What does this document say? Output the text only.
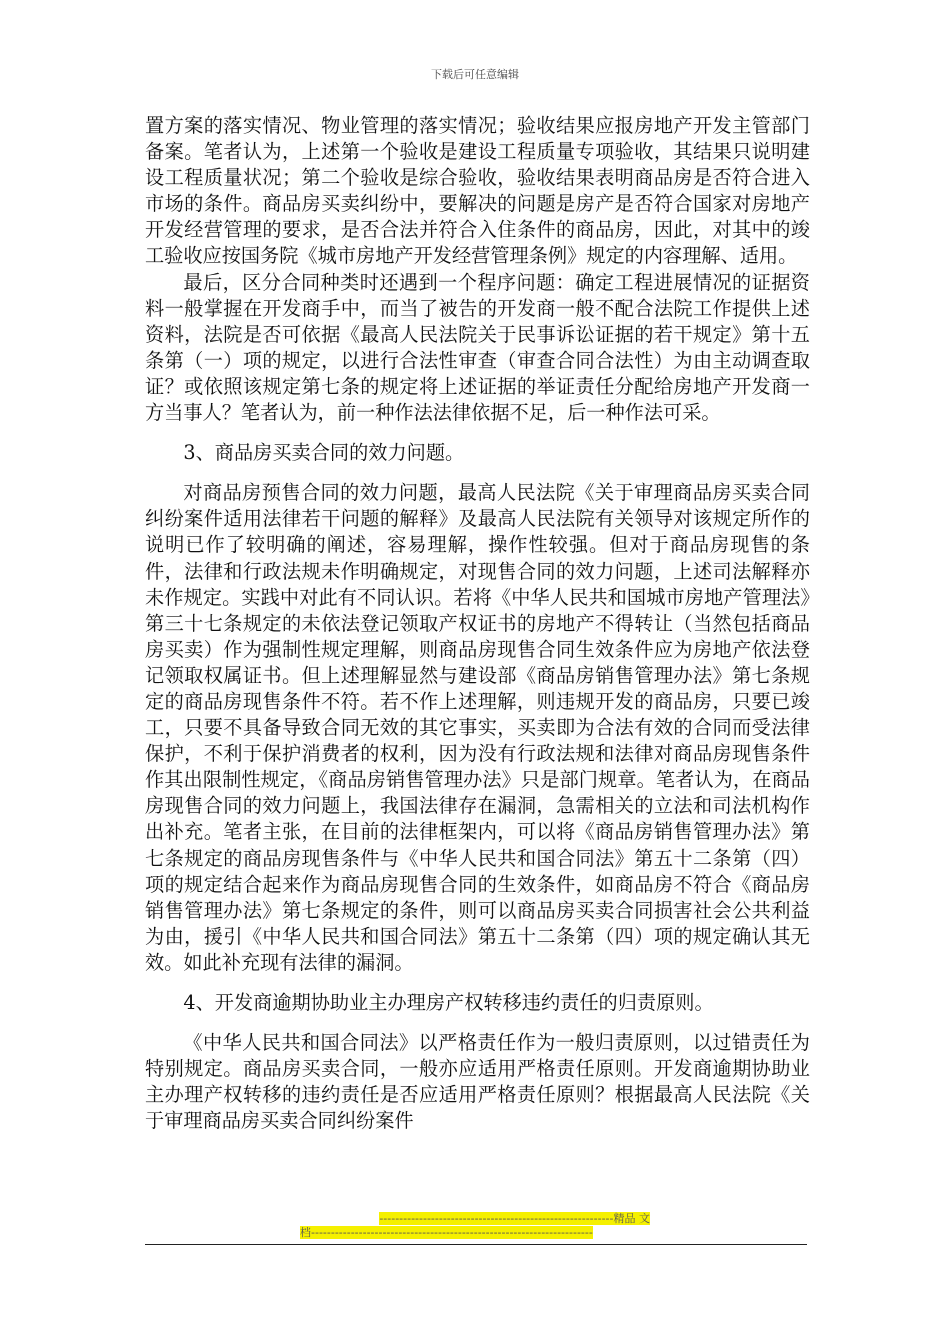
下载后可任意编辑

置方案的落实情况、物业管理的落实情况；验收结果应报房地产开发主管部门备案。笔者认为，上述第一个验收是建设工程质量专项验收，其结果只说明建设工程质量状况；第二个验收是综合验收，验收结果表明商品房是否符合进入市场的条件。商品房买卖纠纷中，要解决的问题是房产是否符合国家对房地产开发经营管理的要求，是否合法并符合入住条件的商品房，因此，对其中的竣工验收应按国务院《城市房地产开发经营管理条例》规定的内容理解、适用。

最后，区分合同种类时还遇到一个程序问题：确定工程进展情况的证据资料一般掌握在开发商手中，而当了被告的开发商一般不配合法院工作提供上述资料，法院是否可依据《最高人民法院关于民事诉讼证据的若干规定》第十五条第（一）项的规定，以进行合法性审查（审查合同合法性）为由主动调查取证？或依照该规定第七条的规定将上述证据的举证责任分配给房地产开发商一方当事人？笔者认为，前一种作法法律依据不足，后一种作法可采。

3、商品房买卖合同的效力问题。

对商品房预售合同的效力问题，最高人民法院《关于审理商品房买卖合同纠纷案件适用法律若干问题的解释》及最高人民法院有关领导对该规定所作的说明已作了较明确的阐述，容易理解，操作性较强。但对于商品房现售的条件，法律和行政法规未作明确规定，对现售合同的效力问题，上述司法解释亦未作规定。实践中对此有不同认识。若将《中华人民共和国城市房地产管理法》第三十七条规定的未依法登记领取产权证书的房地产不得转让（当然包括商品房买卖）作为强制性规定理解，则商品房现售合同生效条件应为房地产依法登记领取权属证书。但上述理解显然与建设部《商品房销售管理办法》第七条规定的商品房现售条件不符。若不作上述理解，则违规开发的商品房，只要已竣工，只要不具备导致合同无效的其它事实，买卖即为合法有效的合同而受法律保护，不利于保护消费者的权利，因为没有行政法规和法律对商品房现售条件作其出限制性规定，《商品房销售管理办法》只是部门规章。笔者认为，在商品房现售合同的效力问题上，我国法律存在漏洞，急需相关的立法和司法机构作出补充。笔者主张，在目前的法律框架内，可以将《商品房销售管理办法》第七条规定的商品房现售条件与《中华人民共和国合同法》第五十二条第（四）项的规定结合起来作为商品房现售合同的生效条件，如商品房不符合《商品房销售管理办法》第七条规定的条件，则可以商品房买卖合同损害社会公共利益为由，援引《中华人民共和国合同法》第五十二条第（四）项的规定确认其无效。如此补充现有法律的漏洞。

4、开发商逾期协助业主办理房产权转移违约责任的归责原则。

《中华人民共和国合同法》以严格责任作为一般归责原则，以过错责任为特别规定。商品房买卖合同，一般亦应适用严格责任原则。开发商逾期协助业主办理产权转移的违约责任是否应适用严格责任原则？根据最高人民法院《关于审理商品房买卖合同纠纷案件

-----------------------------------------------------------精品 文
档-----------------------------------------------------------------------
